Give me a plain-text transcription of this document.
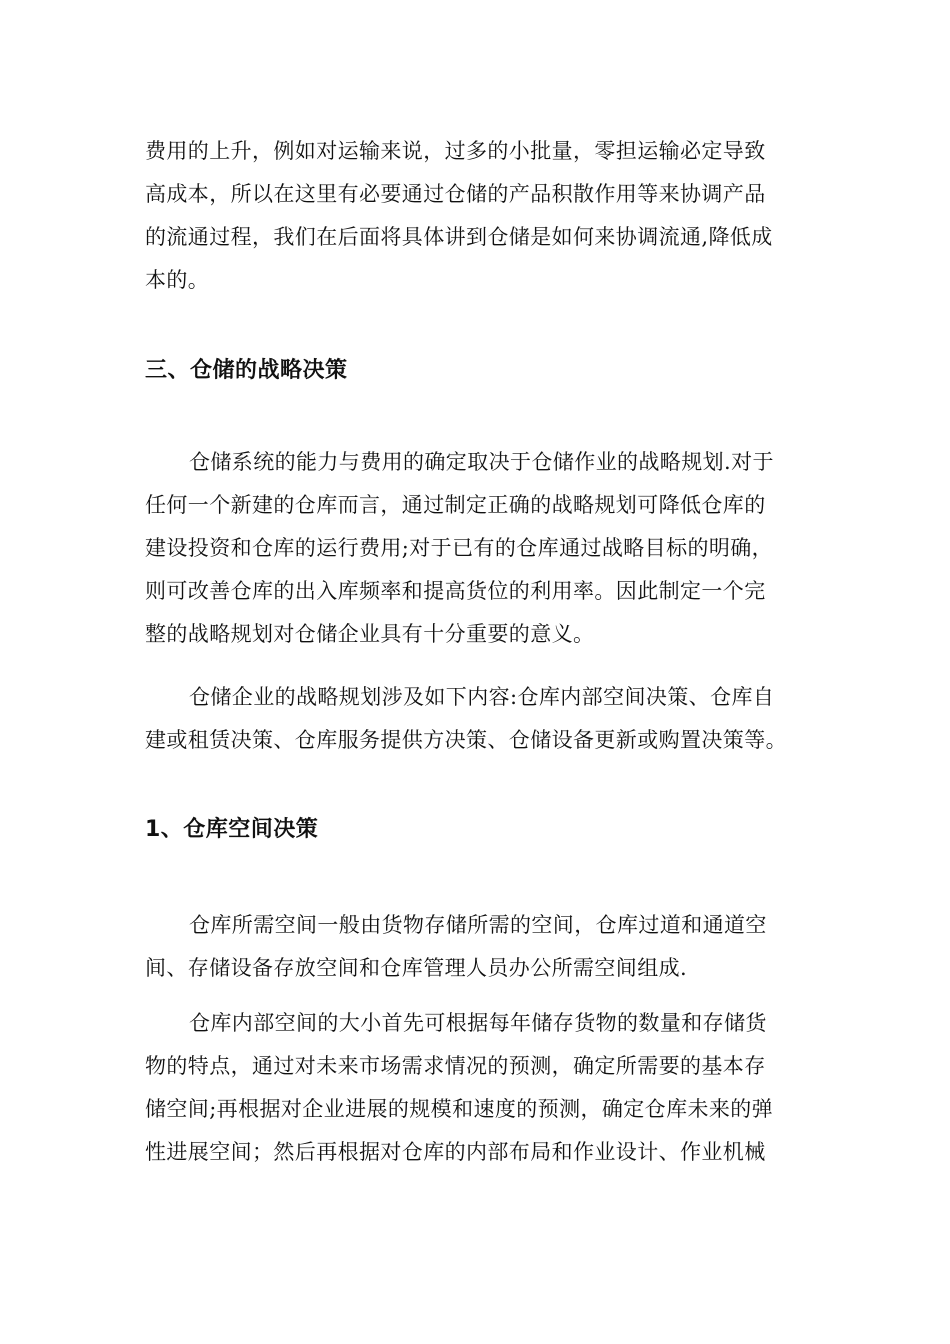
费用的上升，例如对运输来说，过多的小批量，零担运输必定导致
高成本，所以在这里有必要通过仓储的产品积散作用等来协调产品
的流通过程，我们在后面将具体讲到仓储是如何来协调流通,降低成
本的。
三、仓储的战略决策
仓储系统的能力与费用的确定取决于仓储作业的战略规划.对于
任何一个新建的仓库而言，通过制定正确的战略规划可降低仓库的
建设投资和仓库的运行费用;对于已有的仓库通过战略目标的明确，
则可改善仓库的出入库频率和提高货位的利用率。因此制定一个完
整的战略规划对仓储企业具有十分重要的意义。
仓储企业的战略规划涉及如下内容:仓库内部空间决策、仓库自
建或租赁决策、仓库服务提供方决策、仓储设备更新或购置决策等。
1、仓库空间决策
仓库所需空间一般由货物存储所需的空间，仓库过道和通道空
间、存储设备存放空间和仓库管理人员办公所需空间组成.
仓库内部空间的大小首先可根据每年储存货物的数量和存储货
物的特点，通过对未来市场需求情况的预测，确定所需要的基本存
储空间;再根据对企业进展的规模和速度的预测，确定仓库未来的弹
性进展空间；然后再根据对仓库的内部布局和作业设计、作业机械
